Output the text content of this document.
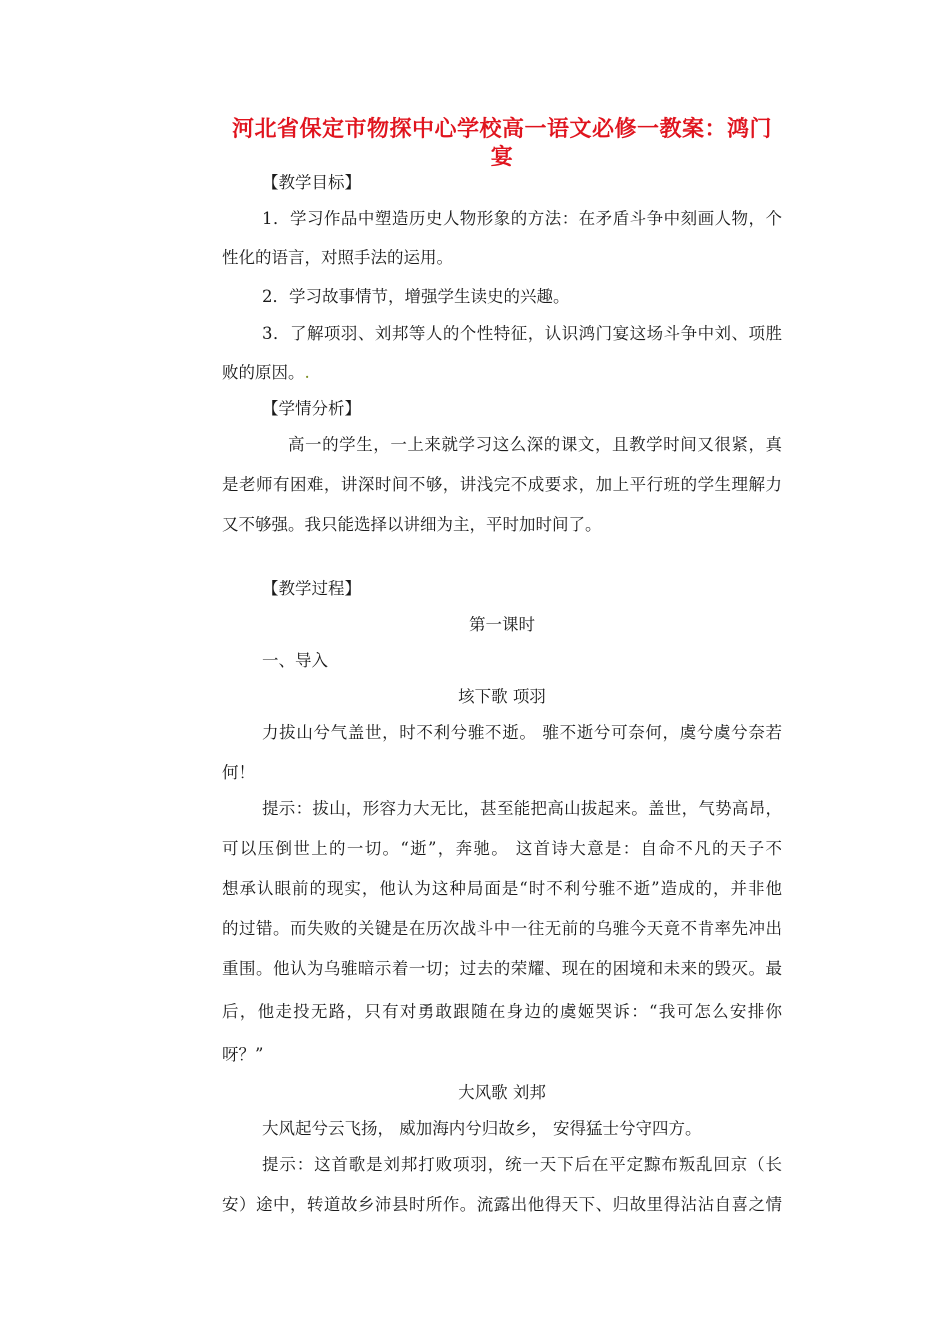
河北省保定市物探中心学校高一语文必修一教案：鸿门
宴
【教学目标】
1．学习作品中塑造历史人物形象的方法：在矛盾斗争中刻画人物，个
性化的语言，对照手法的运用。
2．学习故事情节，增强学生读史的兴趣。
3．了解项羽、刘邦等人的个性特征，认识鸿门宴这场斗争中刘、项胜
败的原因。.
【学情分析】
高一的学生，一上来就学习这么深的课文，且教学时间又很紧，真
是老师有困难，讲深时间不够，讲浅完不成要求，加上平行班的学生理解力
又不够强。我只能选择以讲细为主，平时加时间了。
【教学过程】
第一课时
一、导入
垓下歌 项羽
力拔山兮气盖世，时不利兮骓不逝。 骓不逝兮可奈何，虞兮虞兮奈若
何！
提示：拔山，形容力大无比，甚至能把高山拔起来。盖世，气势高昂，
可以压倒世上的一切。“逝”，奔驰。 这首诗大意是：自命不凡的天子不
想承认眼前的现实，他认为这种局面是“时不利兮骓不逝”造成的，并非他
的过错。而失败的关键是在历次战斗中一往无前的乌骓今天竟不肯率先冲出
重围。他认为乌骓暗示着一切；过去的荣耀、现在的困境和未来的毁灭。最
后，他走投无路，只有对勇敢跟随在身边的虞姬哭诉：“我可怎么安排你
呀？”
大风歌 刘邦
大风起兮云飞扬， 威加海内兮归故乡， 安得猛士兮守四方。
提示：这首歌是刘邦打败项羽，统一天下后在平定黥布叛乱回京（长
安）途中，转道故乡沛县时所作。流露出他得天下、归故里得沾沾自喜之情
